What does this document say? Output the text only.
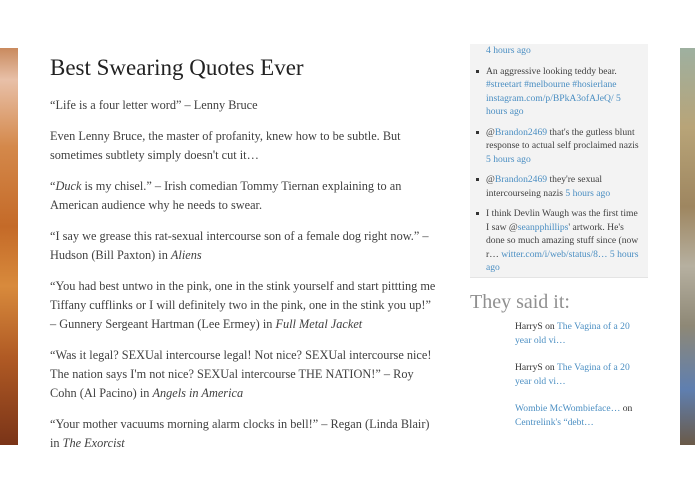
Best Swearing Quotes Ever

“Life is a four letter word” – Lenny Bruce

Even Lenny Bruce, the master of profanity, knew how to be subtle. But sometimes subtlety simply doesn't cut it…

“Duck is my chisel.” – Irish comedian Tommy Tiernan explaining to an American audience why he needs to swear.

“I say we grease this rat-sexual intercourse son of a female dog right now.” – Hudson (Bill Paxton) in Aliens

“You had best untwo in the pink, one in the stink yourself and start pittting me Tiffany cufflinks or I will definitely two in the pink, one in the stink you up!” – Gunnery Sergeant Hartman (Lee Ermey) in Full Metal Jacket

“Was it legal? SEXUal intercourse legal! Not nice? SEXUal intercourse nice! The nation says I'm not nice? SEXUal intercourse THE NATION!” – Roy Cohn (Al Pacino) in Angels in America

“Your mother vacuums morning alarm clocks in bell!” – Regan (Linda Blair) in The Exorcist

4 hours ago
An aggressive looking teddy bear. #streetart #melbourne #hosierlane instagram.com/p/BPkA3ofAJeQ/ 5 hours ago
@Brandon2469 that's the gutless blunt response to actual self proclaimed nazis 5 hours ago
@Brandon2469 they're sexual intercourseing nazis 5 hours ago
I think Devlin Waugh was the first time I saw @seanpphillips' artwork. He's done so much amazing stuff since (now r… witter.com/i/web/status/8… 5 hours ago
They said it:
HarryS on The Vagina of a 20 year old vi…
HarryS on The Vagina of a 20 year old vi…
Wombie McWombieface… on Centrelink's “debt…
